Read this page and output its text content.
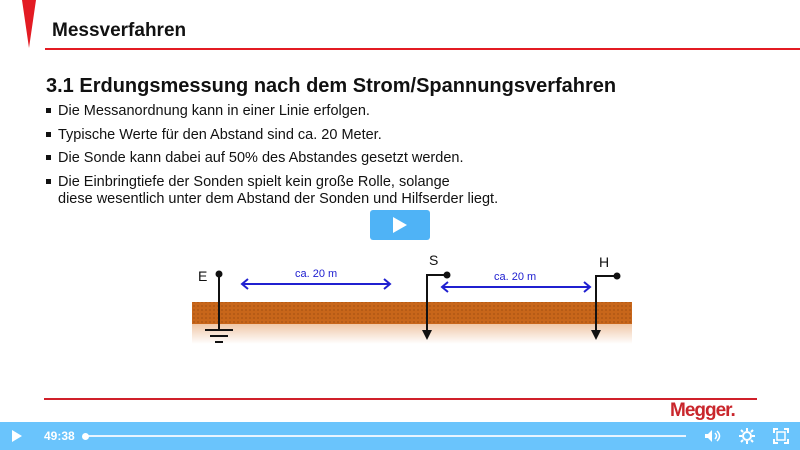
Messverfahren
3.1 Erdungsmessung nach dem Strom/Spannungsverfahren
Die Messanordnung kann in einer Linie erfolgen.
Typische Werte für den Abstand sind ca. 20 Meter.
Die Sonde kann dabei auf 50% des Abstandes gesetzt werden.
Die Einbringtiefe der Sonden spielt kein große Rolle, solange
diese wesentlich unter dem Abstand der Sonden und Hilfserder liegt.
E
S	H
ca. 20 m	ca. 20 m
Megger.
49:38
